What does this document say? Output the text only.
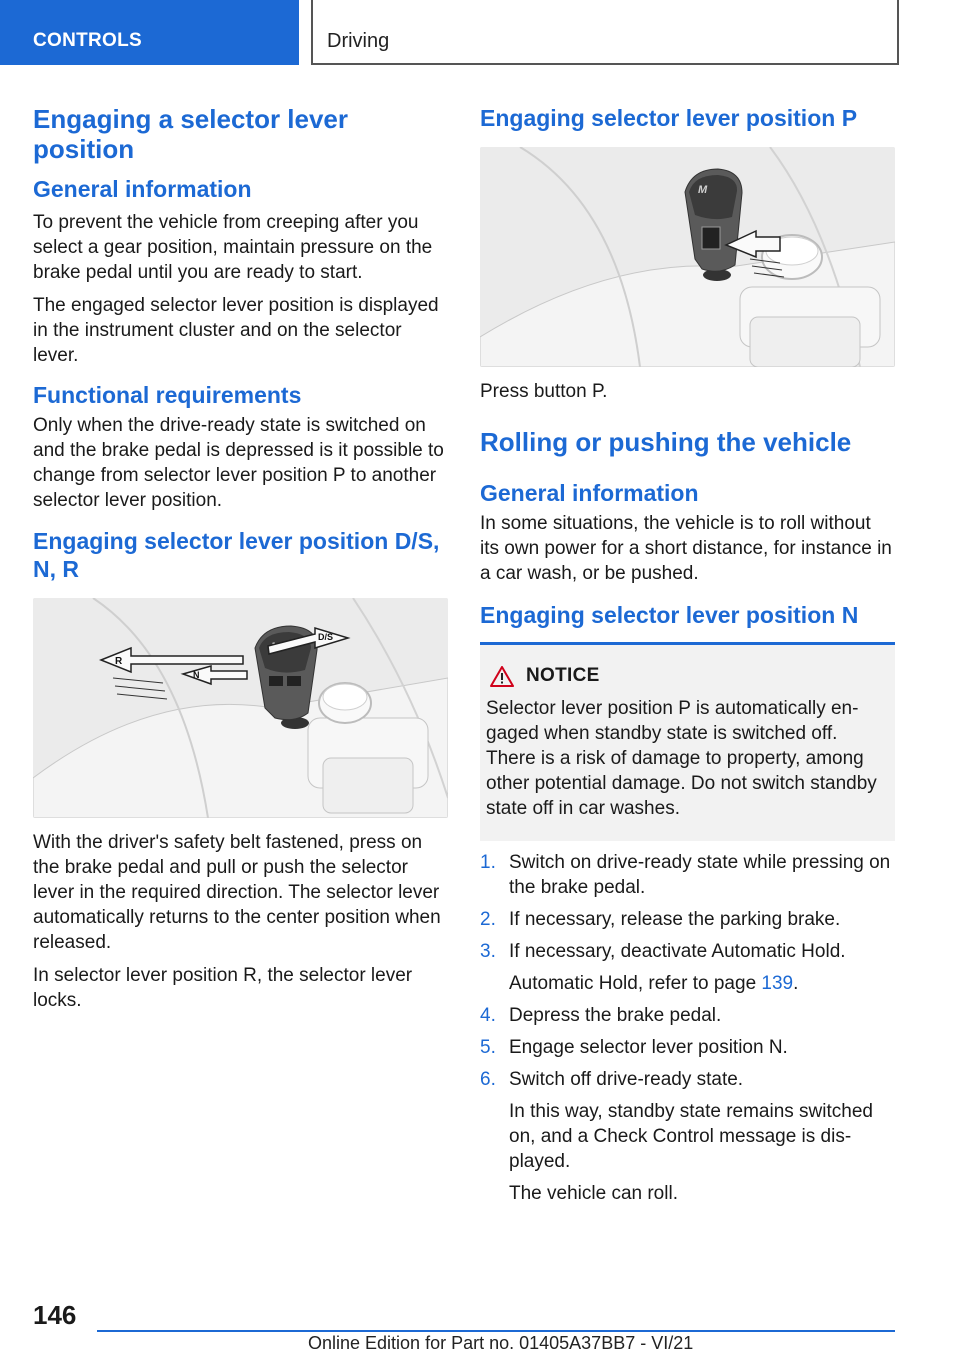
CONTROLS	Driving
Engaging a selector lever position
General information

To prevent the vehicle from creeping after you select a gear position, maintain pressure on the brake pedal until you are ready to start.

The engaged selector lever position is displayed in the instrument cluster and on the selector lever.

Functional requirements

Only when the drive-ready state is switched on and the brake pedal is depressed is it possible to change from selector lever position P to another selector lever position.

Engaging selector lever position D/S, N, R
R
N
D/S

With the driver's safety belt fastened, press on the brake pedal and pull or push the selector lever in the required direction. The selector lever automatically returns to the center position when released.

In selector lever position R, the selector lever locks.

Engaging selector lever position P
M

Press button P.

Rolling or pushing the vehicle
General information

In some situations, the vehicle is to roll without its own power for a short distance, for instance in a car wash, or be pushed.

Engaging selector lever position N
NOTICE

Selector lever position P is automatically en‐gaged when standby state is switched off. There is a risk of damage to property, among other potential damage. Do not switch standby state off in car washes.

1. Switch on drive-ready state while pressing on the brake pedal.
2. If necessary, release the parking brake.
3. If necessary, deactivate Automatic Hold.
Automatic Hold, refer to page 139.
4. Depress the brake pedal.
5. Engage selector lever position N.
6. Switch off drive-ready state.
In this way, standby state remains switched on, and a Check Control message is dis‐played.
The vehicle can roll.
146
Online Edition for Part no. 01405A37BB7 - VI/21
